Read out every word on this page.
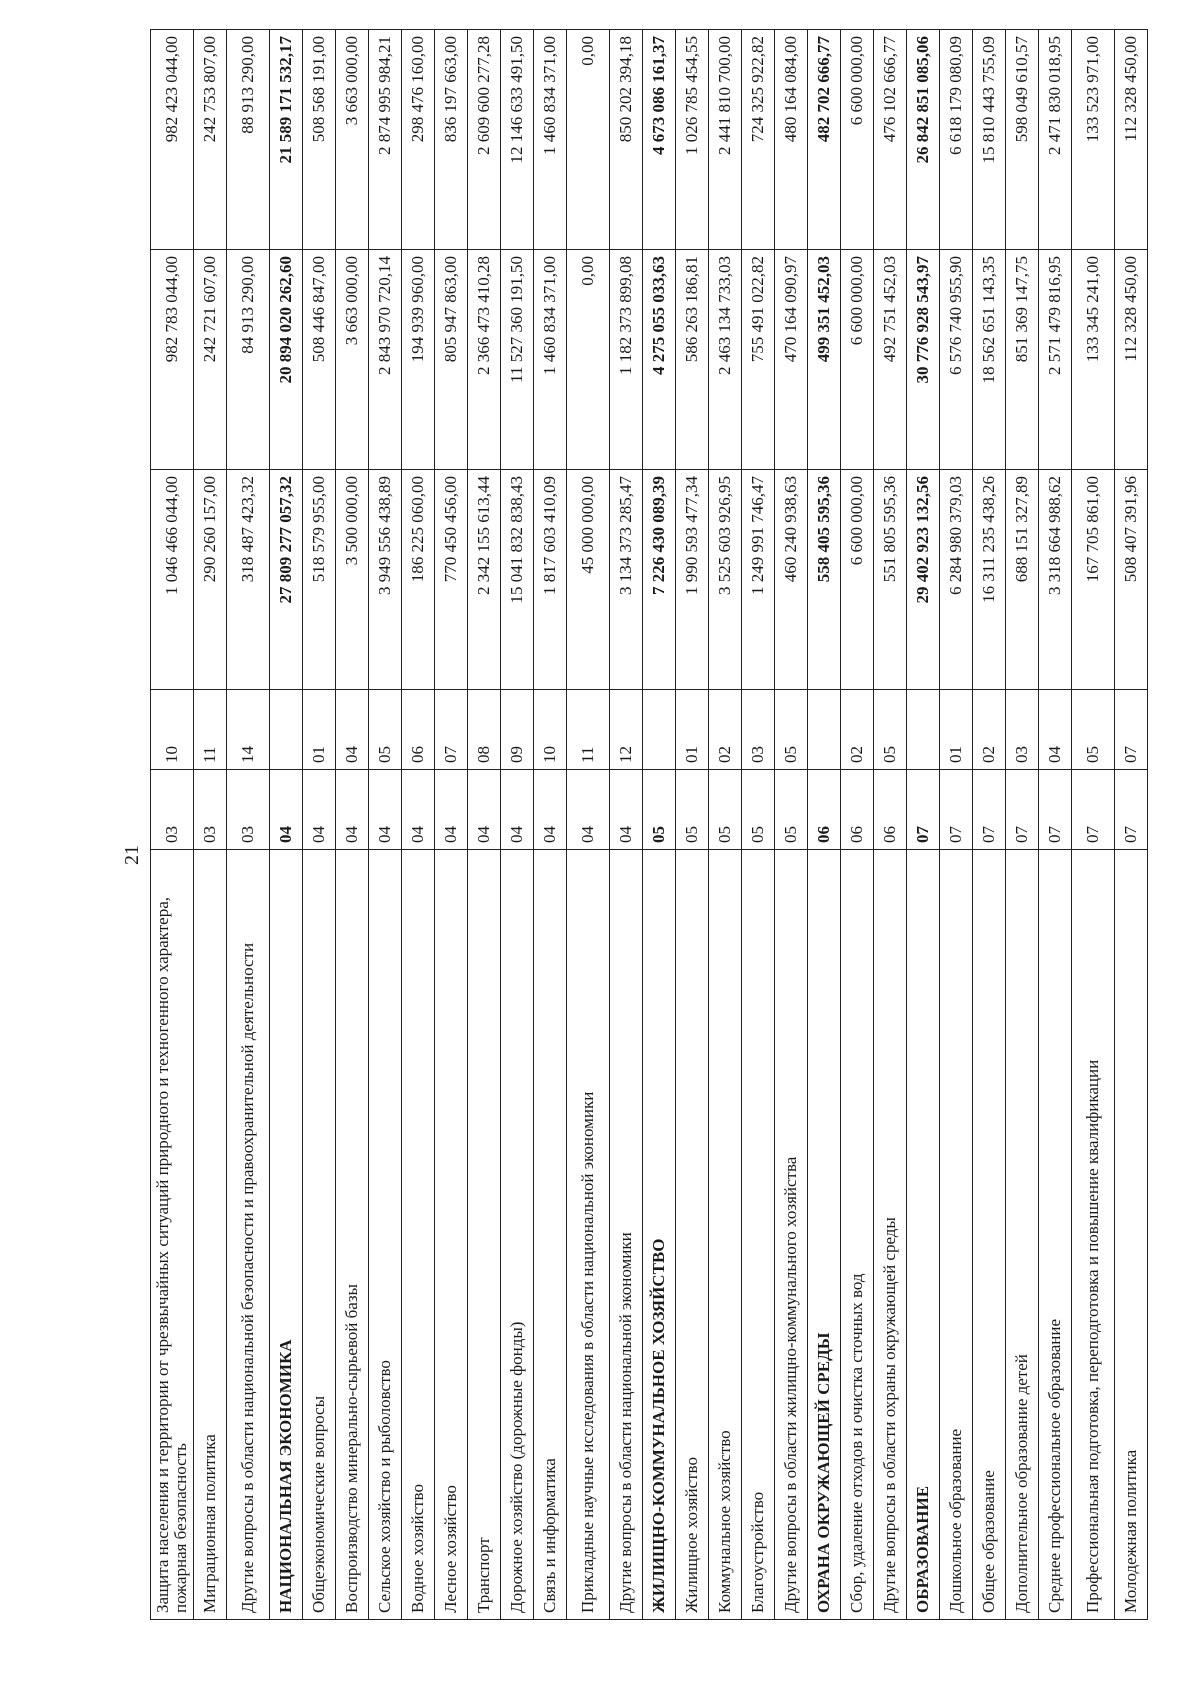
21
Защита населения и территории от чрезвычайных ситуаций природного и техногенного характера, пожарная безопасность	03	10	1 046 466 044,00	982 783 044,00	982 423 044,00
Миграционная политика	03	11	290 260 157,00	242 721 607,00	242 753 807,00
Другие вопросы в области национальной безопасности и правоохранительной деятельности	03	14	318 487 423,32	84 913 290,00	88 913 290,00
НАЦИОНАЛЬНАЯ ЭКОНОМИКА	04		27 809 277 057,32	20 894 020 262,60	21 589 171 532,17
Общеэкономические вопросы	04	01	518 579 955,00	508 446 847,00	508 568 191,00
Воспроизводство минерально-сырьевой базы	04	04	3 500 000,00	3 663 000,00	3 663 000,00
Сельское хозяйство и рыболовство	04	05	3 949 556 438,89	2 843 970 720,14	2 874 995 984,21
Водное хозяйство	04	06	186 225 060,00	194 939 960,00	298 476 160,00
Лесное хозяйство	04	07	770 450 456,00	805 947 863,00	836 197 663,00
Транспорт	04	08	2 342 155 613,44	2 366 473 410,28	2 609 600 277,28
Дорожное хозяйство (дорожные фонды)	04	09	15 041 832 838,43	11 527 360 191,50	12 146 633 491,50
Связь и информатика	04	10	1 817 603 410,09	1 460 834 371,00	1 460 834 371,00
Прикладные научные исследования в области национальной экономики	04	11	45 000 000,00	0,00	0,00
Другие вопросы в области национальной экономики	04	12	3 134 373 285,47	1 182 373 899,08	850 202 394,18
ЖИЛИЩНО-КОММУНАЛЬНОЕ ХОЗЯЙСТВО	05		7 226 430 089,39	4 275 055 033,63	4 673 086 161,37
Жилищное хозяйство	05	01	1 990 593 477,34	586 263 186,81	1 026 785 454,55
Коммунальное хозяйство	05	02	3 525 603 926,95	2 463 134 733,03	2 441 810 700,00
Благоустройство	05	03	1 249 991 746,47	755 491 022,82	724 325 922,82
Другие вопросы в области жилищно-коммунального хозяйства	05	05	460 240 938,63	470 164 090,97	480 164 084,00
ОХРАНА ОКРУЖАЮЩЕЙ СРЕДЫ	06		558 405 595,36	499 351 452,03	482 702 666,77
Сбор, удаление отходов и очистка сточных вод	06	02	6 600 000,00	6 600 000,00	6 600 000,00
Другие вопросы в области охраны окружающей среды	06	05	551 805 595,36	492 751 452,03	476 102 666,77
ОБРАЗОВАНИЕ	07		29 402 923 132,56	30 776 928 543,97	26 842 851 085,06
Дошкольное образование	07	01	6 284 980 379,03	6 576 740 955,90	6 618 179 080,09
Общее образование	07	02	16 311 235 438,26	18 562 651 143,35	15 810 443 755,09
Дополнительное образование детей	07	03	688 151 327,89	851 369 147,75	598 049 610,57
Среднее профессиональное образование	07	04	3 318 664 988,62	2 571 479 816,95	2 471 830 018,95
Профессиональная подготовка, переподготовка и повышение квалификации	07	05	167 705 861,00	133 345 241,00	133 523 971,00
Молодежная политика	07	07	508 407 391,96	112 328 450,00	112 328 450,00
